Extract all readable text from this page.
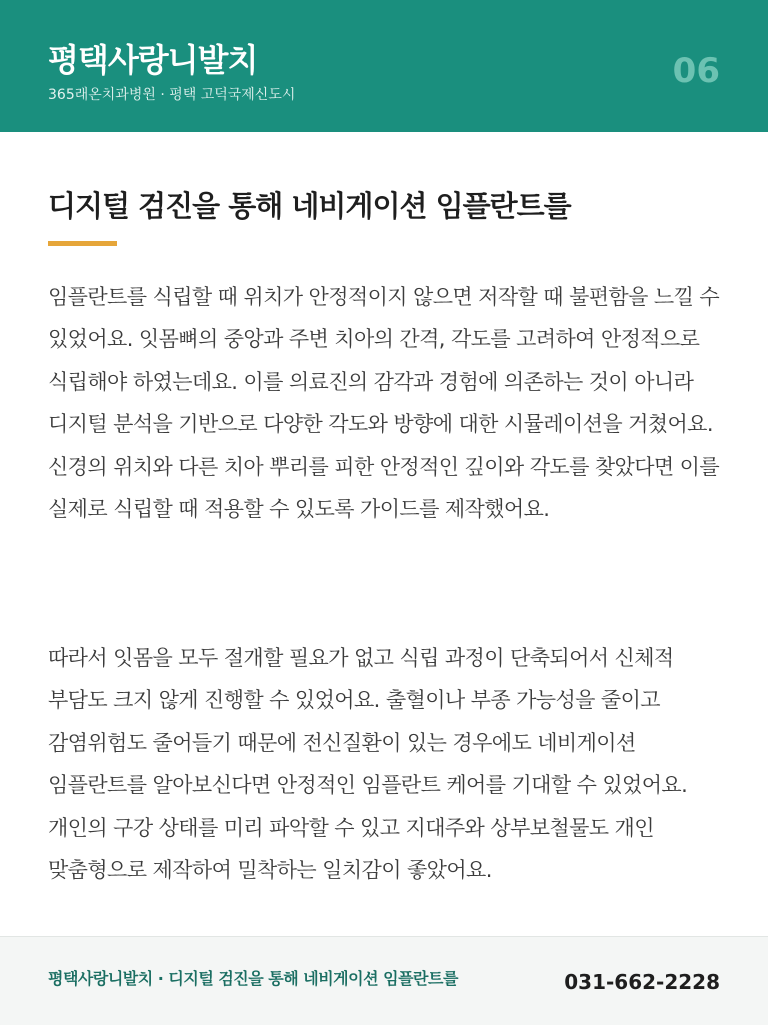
평택사랑니발치
365래온치과병원 · 평택 고덕국제신도시
06
디지털 검진을 통해 네비게이션 임플란트를

임플란트를 식립할 때 위치가 안정적이지 않으면 저작할 때 불편함을 느낄 수 있었어요. 잇몸뼈의 중앙과 주변 치아의 간격, 각도를 고려하여 안정적으로 식립해야 하였는데요. 이를 의료진의 감각과 경험에 의존하는 것이 아니라 디지털 분석을 기반으로 다양한 각도와 방향에 대한 시뮬레이션을 거쳤어요. 신경의 위치와 다른 치아 뿌리를 피한 안정적인 깊이와 각도를 찾았다면 이를 실제로 식립할 때 적용할 수 있도록 가이드를 제작했어요.

따라서 잇몸을 모두 절개할 필요가 없고 식립 과정이 단축되어서 신체적 부담도 크지 않게 진행할 수 있었어요. 출혈이나 부종 가능성을 줄이고 감염위험도 줄어들기 때문에 전신질환이 있는 경우에도 네비게이션 임플란트를 알아보신다면 안정적인 임플란트 케어를 기대할 수 있었어요. 개인의 구강 상태를 미리 파악할 수 있고 지대주와 상부보철물도 개인 맞춤형으로 제작하여 밀착하는 일치감이 좋았어요.

평택사랑니발치 · 디지털 검진을 통해 네비게이션 임플란트를	031-662-2228
